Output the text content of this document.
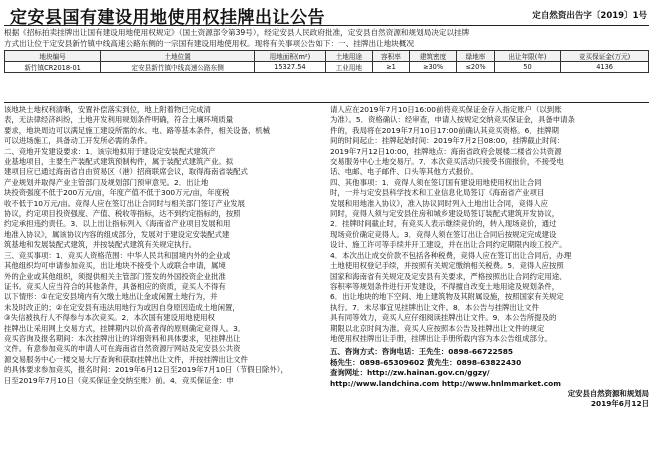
定安县国有建设用地使用权挂牌出让公告	定自然资出告字〔2019〕1号
根据《招标拍卖挂牌出让国有建设用地使用权规定》（国土资源部令第39号），经定安县人民政府批准，定安县自然资源和规划局决定以挂牌
方式出让位于定安县新竹镇中线高速公路东侧的一宗国有建设用地使用权。现将有关事项公告如下：一、挂牌出让地块概况
地块编号	土地位置	用地面积(m²)	土地用途	容积率	建筑密度	绿地率	出让年限(年)	竞买保证金(万元)
新竹镇CR2018-01	定安县新竹镇中线高速公路东侧	15327.54	工业用地	≥1	≥30%	≤20%	50	4136
该地块土地权利清晰，安置补偿落实到位，地上附着物已完成清
表，无法律经济纠纷，土地开发利用规划条件明确，符合土壤环境质量
要求，地块周边可以满足施工建设所需的水、电、路等基本条件，相关设备、机械
可以进场施工，具备动工开发所必需的条件。
二、竞地开发建设要求：1．该宗地拟用于建设定安装配式建筑产
业基地项目，主要生产装配式建筑预制构件，属于装配式建筑产业。拟
建项目应已通过海南省自由贸易区（港）招商联席会议，取得海南省装配式
产业规划并取得产业主管部门及规划部门预审意见。2．出让地
块投资强度不低于200万元/亩，年度产值不低于300万元/亩，年度税
收不低于10万元/亩。竞得人应在签订出让合同时与相关部门签订产业发展
协议，约定项目投资强度、产值、税收等指标，达不到约定指标的，按照
约定承担违约责任。3．以上出让指标列入《海南省产业项目发展和用
地准入协议》，属该协议内容的组成部分，发展对于建设定安装配式建
筑基地和发展装配式建筑，并按装配式建筑有关规定执行。
三、竞买事项：1．竞买人资格范围：中华人民共和国境内外的企业或
其他组织均可申请参加竞买，出让地块不接受个人或联合申请，属境
外的企业或其他组织，须提供相关主管部门签发的外国投资企业批准
证书。竞买人应当符合的其他条件，具备相应的资质，竞买人不得有
以下情形：①在定安县境内有欠缴土地出让金或闲置土地行为，并
未及时改正的；②在定安县有违法用地行为或因自身原因造成土地闲置，
③失信被执行人不得参与本次竞买。2．本次国有建设用地使用权
挂牌出让采用网上交易方式，挂牌期内以价高者得的原则确定竞得人。3．
竞买咨询及报名期间：本次挂牌出让的详细资料和具体要求，见挂牌出让
文件。有意参加竞买的申请人可在海南省自然资源厅网站及定安县公共资
源交易服务中心一楼交易大厅查询和获取挂牌出让文件，并按挂牌出让文件
的具体要求参加竞买，报名时间：2019年6月12日至2019年7月10日（节假日除外），
日至2019年7月10日（竞买保证金交纳至账）前。4．竞买保证金：申
请人应在2019年7月10日16:00前将竞买保证金存入指定账户（以到账
为准）。5．资格确认：经审查，申请人按规定交纳竞买保证金，具备申请条
件的，我局将在2019年7月10日17:00前确认其竞买资格。6．挂牌期
间的时间起止：挂牌起始时间：2019年7月2日08:00，挂牌截止时间：
2019年7月12日10:00，挂牌地点：海南省政府会展楼二楼省公共资源
交易服务中心土地交易厅。7．本次竞买活动只接受书面报价，不接受电
话、电邮、电子邮件、口头等其他方式报价。
四、其他事项：1．竞得人须在签订国有建设用地使用权出让合同
时，一并与定安县科学技术和工业信息化局签订《海南省产业项目
发展和用地准入协议》，准入协议同时列入土地出让合同，竞得人应
同时，竞得人须与定安县住房和城乡建设局签订装配式建筑开发协议，
2．挂牌时间截止时，有竞买人表示继续竞价的，转入现场竞价，通过
现场竞价确定竞得人。3．竞得人须在签订出让合同后按规定完成建设
设计、施工许可等手续并开工建设，并在出让合同约定期限内竣工投产。
4．本次出让成交价款不包括各种税费，竞得人应在签订出让合同后，办理
土地使用权登记手续，并按照有关规定缴纳相关税费。5．竞得人应按照
国家和海南省有关规定及定安县有关要求，严格按照出让合同约定用途、
容积率等规划条件进行开发建设，不得擅自改变土地用途及规划条件，
6．出让地块的地下空间、地上建筑物及其附属设施，按照国家有关规定
执行。7．未尽事宜见挂牌出让文件。8．本公告与挂牌出让文件
具有同等效力，竞买人应仔细阅读挂牌出让文件。9．本公告所提及的
期限以北京时间为准。竞买人应按照本公告及挂牌出让文件的规定
地使用权挂牌出让手册，挂牌出让手册所载内容为本公告组成部分。
五、咨询方式：咨询电话：王先生：0898-66722585
杨先生：0898-65309602 黄先生：0898-63822430
查询网址：http://zw.hainan.gov.cn/ggzy/
http://www.landchina.com http://www.hnlmmarket.com
定安县自然资源和规划局
2019年6月12日
